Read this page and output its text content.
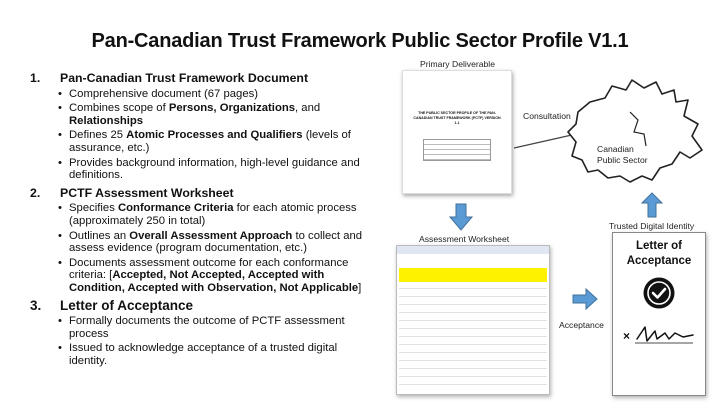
Pan-Canadian Trust Framework Public Sector Profile V1.1
1.	Pan-Canadian Trust Framework Document
• Comprehensive document (67 pages)
• Combines scope of Persons, Organizations, and Relationships
• Defines 25 Atomic Processes and Qualifiers (levels of assurance, etc.)
• Provides background information, high-level guidance and definitions.
2.	PCTF Assessment Worksheet
• Specifies Conformance Criteria for each atomic process (approximately 250 in total)
• Outlines an Overall Assessment Approach to collect and assess evidence (program documentation, etc.)
• Documents assessment outcome for each conformance criteria: [Accepted, Not Accepted, Accepted with Condition, Accepted with Observation, Not Applicable]
3.	Letter of Acceptance
• Formally documents the outcome of PCTF assessment process
• Issued to acknowledge acceptance of a trusted digital identity.
Primary Deliverable
THE PUBLIC SECTOR PROFILE OF THE PAN-CANADIAN TRUST FRAMEWORK (PCTF) VERSION 1.1
Consultation
Canadian Public Sector
Trusted Digital Identity
Assessment Worksheet
Acceptance
Letter of Acceptance
×
